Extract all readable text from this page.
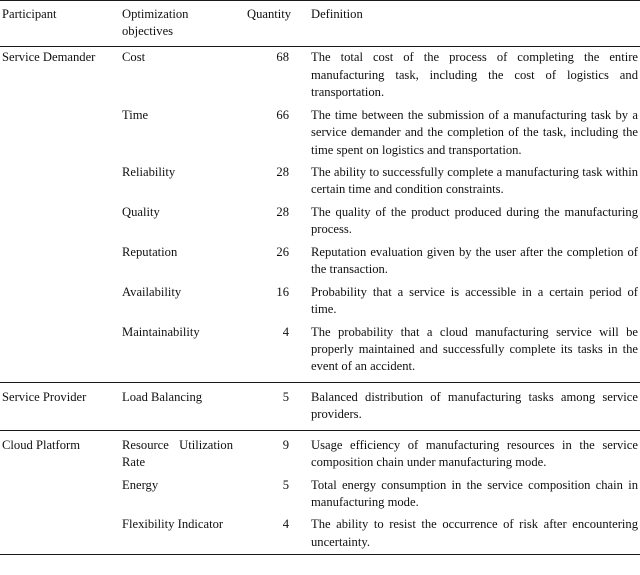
Participant	Optimization objectives	Quantity	Definition

Service Demander	Cost	68	The total cost of the process of completing the entire manufacturing task, including the cost of logistics and transportation.
	Time	66	The time between the submission of a manufacturing task by a service demander and the completion of the task, including the time spent on logistics and transportation.
	Reliability	28	The ability to successfully complete a manufacturing task within certain time and condition constraints.
	Quality	28	The quality of the product produced during the manufacturing process.
	Reputation	26	Reputation evaluation given by the user after the completion of the transaction.
	Availability	16	Probability that a service is accessible in a certain period of time.
	Maintainability	4	The probability that a cloud manufacturing service will be properly maintained and successfully complete its tasks in the event of an accident.

Service Provider	Load Balancing	5	Balanced distribution of manufacturing tasks among service providers.

Cloud Platform	Resource Utilization Rate	9	Usage efficiency of manufacturing resources in the service composition chain under manufacturing mode.
	Energy	5	Total energy consumption in the service composition chain in manufacturing mode.
	Flexibility Indicator	4	The ability to resist the occurrence of risk after encountering uncertainty.
